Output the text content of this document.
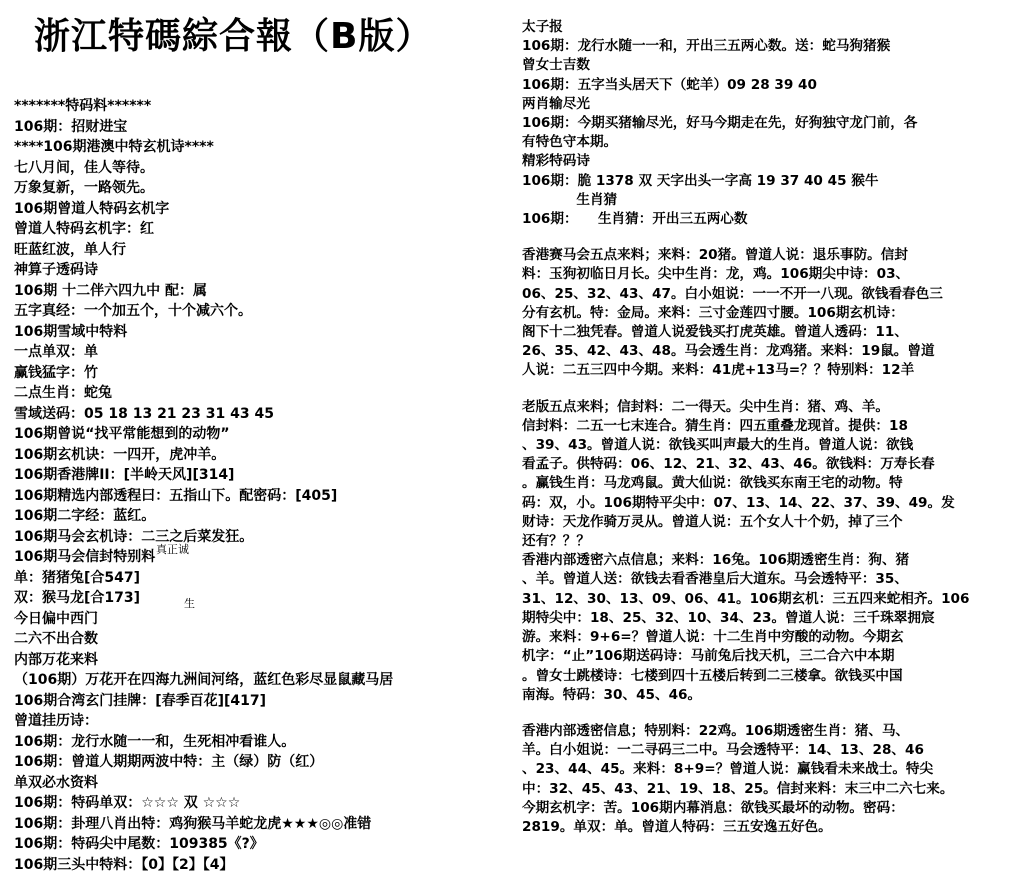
浙江特碼綜合報（B版）
*******特码料******
106期：招财进宝
****106期港澳中特玄机诗****
七八月间，佳人等待。
万象复新，一路领先。
106期曾道人特码玄机字
曾道人特码玄机字：红
旺蓝红波，单人行
神算子透码诗
106期 十二伴六四九中 配：属
五字真经：一个加五个，十个减六个。
106期雪域中特料
一点单双：单
赢钱猛字：竹
二点生肖：蛇兔
雪域送码：05 18 13 21 23 31 43 45
106期曾说“找平常能想到的动物”
106期玄机诀：一四开，虎冲羊。
106期香港牌II：[半岭天风][314]
106期精选内部透程曰：五指山下。配密码：[405]
106期二字经：蓝红。
106期马会玄机诗：二三之后菜发狂。
106期马会信封特别料
单：猪猪兔[合547]
双：猴马龙[合173]
今日偏中西门
二六不出合数
内部万花来料
（106期）万花开在四海九洲间河络，蓝红色彩尽显鼠藏马居
106期合湾玄门挂牌：[春季百花][417]
曾道挂历诗：
106期：龙行水随一一和，生死相冲看谁人。
106期：曾道人期期两波中特：主（绿）防（红）
单双必水资料
106期：特码单双：☆☆☆ 双 ☆☆☆
106期：卦理八肖出特：鸡狗猴马羊蛇龙虎★★★◎◎准错
106期：特码尖中尾数：109385《?》
106期三头中特料：【0】【2】【4】
太子报
106期：龙行水随一一和，开出三五两心数。送：蛇马狗猪猴
曾女士吉数
106期：五字当头居天下（蛇羊）09 28 39 40
两肖输尽光
106期：今期买猪输尽光，好马今期走在先，好狗独守龙门前，各
有特色守本期。
精彩特码诗
106期：脆 1378 双 天字出头一字高 19 37 40 45 猴牛
　　　　生肖猜
106期：　　生肖猜：开出三五两心数
香港赛马会五点来料；来料：20猪。曾道人说：退乐事防。信封
料：玉狗初临日月长。尖中生肖：龙，鸡。106期尖中诗：03、
06、25、32、43、47。白小姐说：一一不开一八现。欲钱看春色三
分有玄机。特：金局。来料：三寸金莲四寸腰。106期玄机诗：
阁下十二独凭春。曾道人说爱钱买打虎英雄。曾道人透码：11、
26、35、42、43、48。马会透生肖：龙鸡猪。来料：19鼠。曾道
人说：二五三四中今期。来料：41虎+13马=？？特别料：12羊
老版五点来料；信封料：二一得天。尖中生肖：猪、鸡、羊。
信封料：二五一七末连合。猜生肖：四五重叠龙现首。提供：18
、39、43。曾道人说：欲钱买叫声最大的生肖。曾道人说：欲钱
看孟子。供特码：06、12、21、32、43、46。欲钱料：万寿长春
。赢钱生肖：马龙鸡鼠。黄大仙说：欲钱买东南王宅的动物。特
码：双，小。106期特平尖中：07、13、14、22、37、39、49。发
财诗：天龙作骑万灵从。曾道人说：五个女人十个奶，掉了三个
还有？？？
香港内部透密六点信息；来料：16兔。106期透密生肖：狗、猪
、羊。曾道人送：欲钱去看香港皇后大道东。马会透特平：35、
31、12、30、13、09、06、41。106期玄机：三五四来蛇相齐。106
期特尖中：18、25、32、10、34、23。曾道人说：三千珠翠拥宸
游。来料：9+6=？曾道人说：十二生肖中穷酸的动物。今期玄
机字：“止”106期送码诗：马前兔后找天机，三二合六中本期
。曾女士跳楼诗：七楼到四十五楼后转到二三楼拿。欲钱买中国
南海。特码：30、45、46。
香港内部透密信息；特别料：22鸡。106期透密生肖：猪、马、
羊。白小姐说：一二寻码三二中。马会透特平：14、13、28、46
、23、44、45。来料：8+9=？曾道人说：赢钱看未来战士。特尖
中：32、45、43、21、19、18、25。信封来料：末三中二六七来。
今期玄机字：苦。106期内幕消息：欲钱买最坏的动物。密码：
2819。单双：单。曾道人特码：三五安逸五好色。
真正诚
生
